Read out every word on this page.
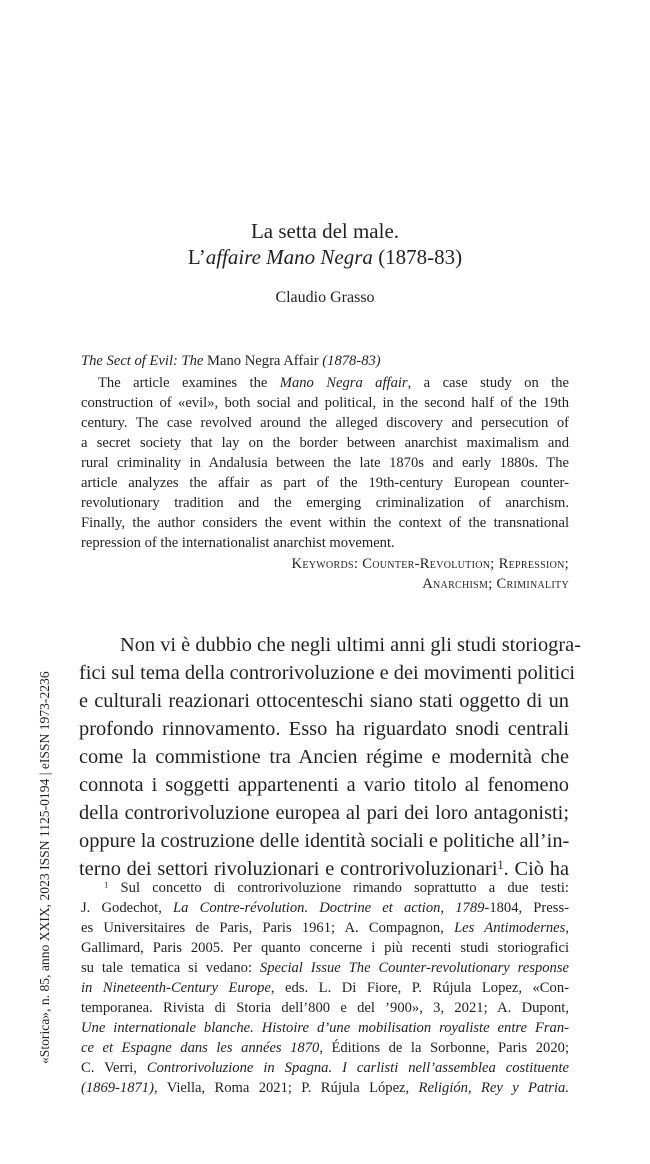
La setta del male.
L’affaire Mano Negra (1878-83)
Claudio Grasso
The Sect of Evil: The Mano Negra Affair (1878-83)
The article examines the Mano Negra affair, a case study on the
construction of «evil», both social and political, in the second half of the 19th
century. The case revolved around the alleged discovery and persecution of
a secret society that lay on the border between anarchist maximalism and
rural criminality in Andalusia between the late 1870s and early 1880s. The
article analyzes the affair as part of the 19th-century European counter-
revolutionary tradition and the emerging criminalization of anarchism.
Finally, the author considers the event within the context of the transnational
repression of the internationalist anarchist movement.
Keywords: Counter-Revolution; Repression;
Anarchism; Criminality
Non vi è dubbio che negli ultimi anni gli studi storiogra-
fici sul tema della controrivoluzione e dei movimenti politici
e culturali reazionari ottocenteschi siano stati oggetto di un
profondo rinnovamento. Esso ha riguardato snodi centrali
come la commistione tra Ancien régime e modernità che
connota i soggetti appartenenti a vario titolo al fenomeno
della controrivoluzione europea al pari dei loro antagonisti;
oppure la costruzione delle identità sociali e politiche all’in-
terno dei settori rivoluzionari e controrivoluzionari$^1$. Ciò ha
$^1$ Sul concetto di controrivoluzione rimando soprattutto a due testi:
J. Godechot, La Contre-révolution. Doctrine et action, 1789-1804, Press-
es Universitaires de Paris, Paris 1961; A. Compagnon, Les Antimodernes,
Gallimard, Paris 2005. Per quanto concerne i più recenti studi storiografici
su tale tematica si vedano: Special Issue The Counter-revolutionary response
in Nineteenth-Century Europe, eds. L. Di Fiore, P. Rújula Lopez, «Con-
temporanea. Rivista di Storia dell’800 e del ’900», 3, 2021; A. Dupont,
Une internationale blanche. Histoire d’une mobilisation royaliste entre Fran-
ce et Espagne dans les années 1870, Éditions de la Sorbonne, Paris 2020;
C. Verri, Controrivoluzione in Spagna. I carlisti nell’assemblea costituente
(1869-1871), Viella, Roma 2021; P. Rújula López, Religión, Rey y Patria.
«Storica», n. 85, anno XXIX, 2023 ISSN 1125-0194 | eISSN 1973-2236
